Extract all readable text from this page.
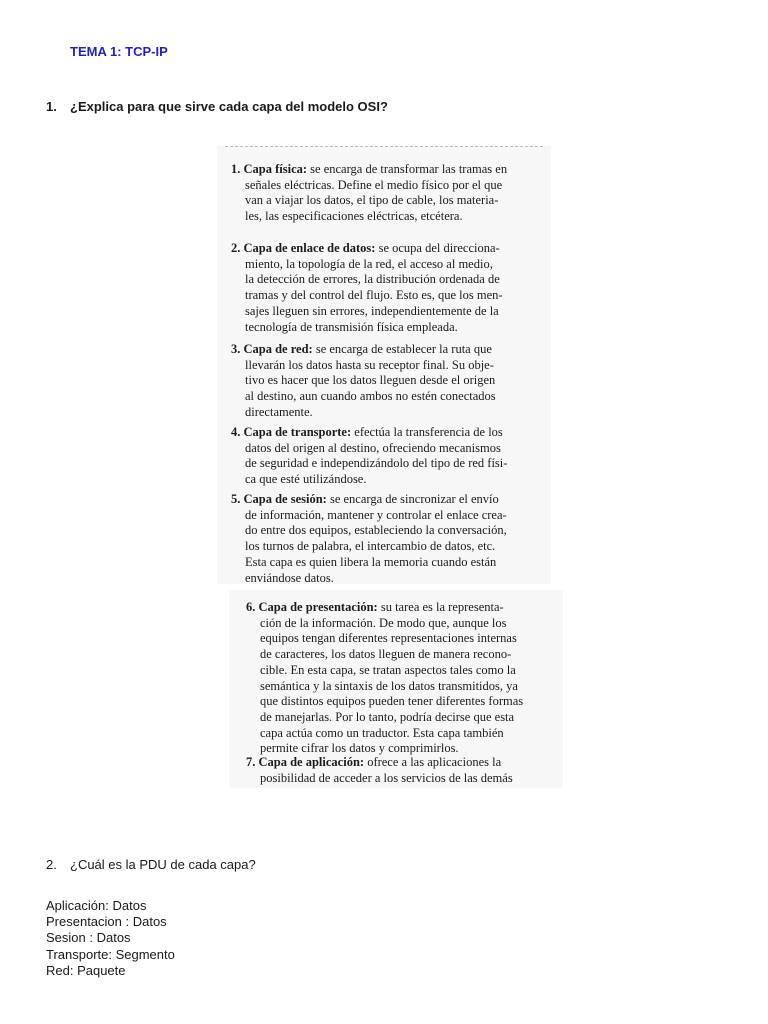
TEMA 1: TCP-IP
1. ¿Explica para que sirve cada capa del modelo OSI?
1. Capa física: se encarga de transformar las tramas en
señales eléctricas. Define el medio físico por el que
van a viajar los datos, el tipo de cable, los materia-
les, las especificaciones eléctricas, etcétera.
2. Capa de enlace de datos: se ocupa del direcciona-
miento, la topología de la red, el acceso al medio,
la detección de errores, la distribución ordenada de
tramas y del control del flujo. Esto es, que los men-
sajes lleguen sin errores, independientemente de la
tecnología de transmisión física empleada.
3. Capa de red: se encarga de establecer la ruta que
llevarán los datos hasta su receptor final. Su obje-
tivo es hacer que los datos lleguen desde el origen
al destino, aun cuando ambos no estén conectados
directamente.
4. Capa de transporte: efectúa la transferencia de los
datos del origen al destino, ofreciendo mecanismos
de seguridad e independizándolo del tipo de red físi-
ca que esté utilizándose.
5. Capa de sesión: se encarga de sincronizar el envío
de información, mantener y controlar el enlace crea-
do entre dos equipos, estableciendo la conversación,
los turnos de palabra, el intercambio de datos, etc.
Esta capa es quien libera la memoria cuando están
enviándose datos.
6. Capa de presentación: su tarea es la representa-
ción de la información. De modo que, aunque los
equipos tengan diferentes representaciones internas
de caracteres, los datos lleguen de manera recono-
cible. En esta capa, se tratan aspectos tales como la
semántica y la sintaxis de los datos transmitidos, ya
que distintos equipos pueden tener diferentes formas
de manejarlas. Por lo tanto, podría decirse que esta
capa actúa como un traductor. Esta capa también
permite cifrar los datos y comprimirlos.
7. Capa de aplicación: ofrece a las aplicaciones la
posibilidad de acceder a los servicios de las demás
2. ¿Cuál es la PDU de cada capa?
Aplicación: Datos
Presentacion : Datos
Sesion : Datos
Transporte: Segmento
Red: Paquete
